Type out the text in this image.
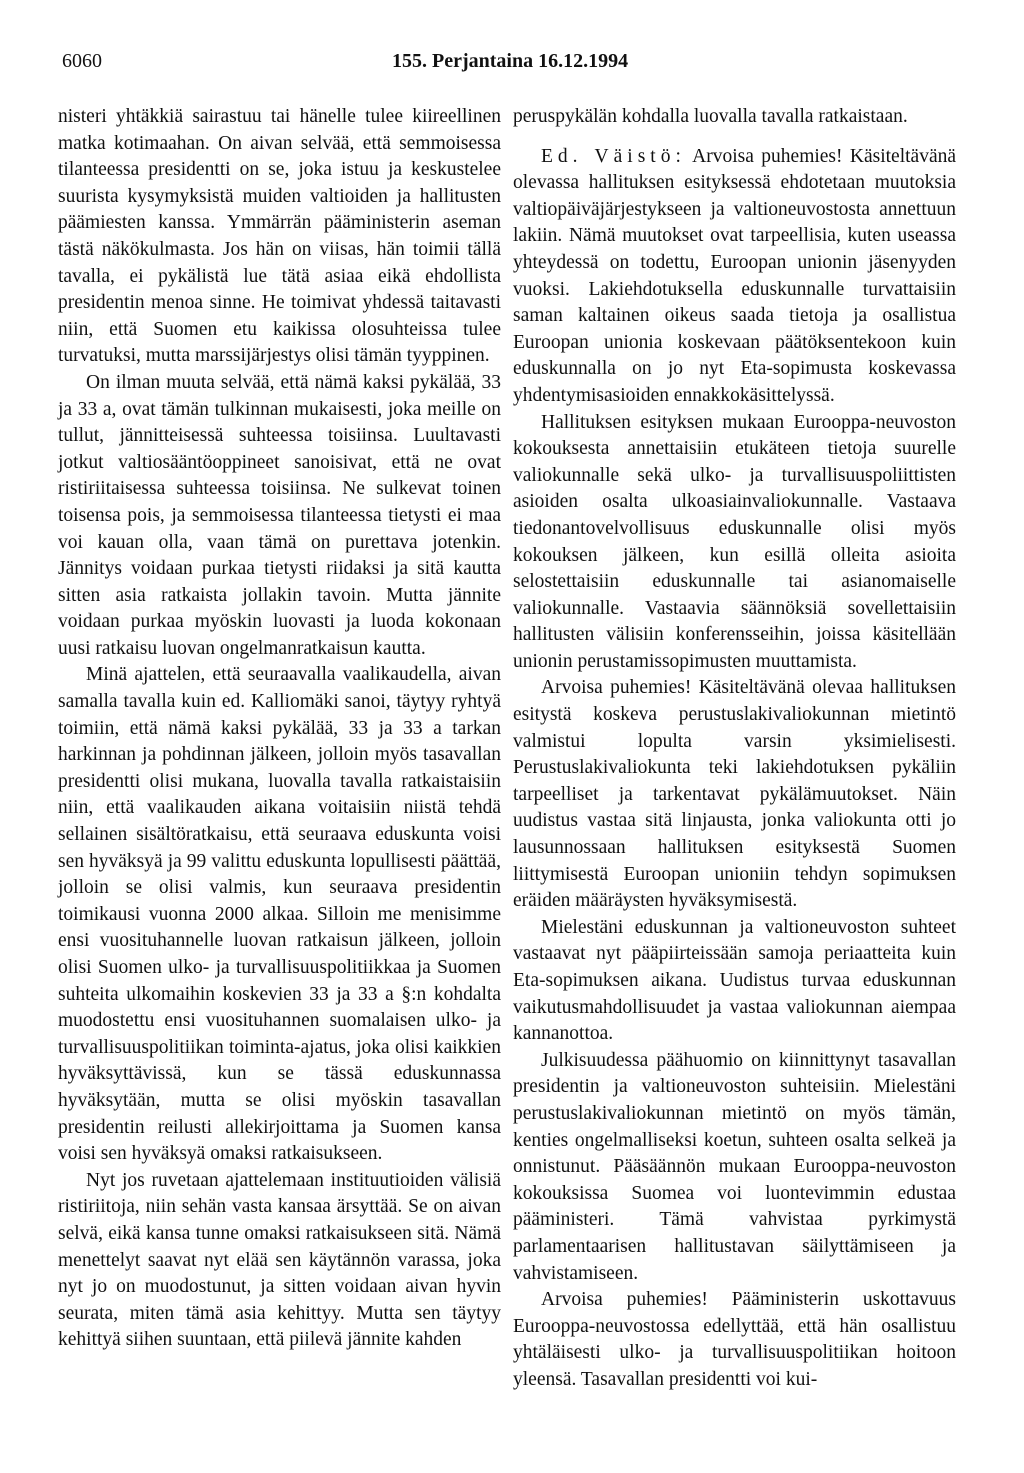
6060	155. Perjantaina 16.12.1994

nisteri yhtäkkiä sairastuu tai hänelle tulee kiireellinen matka kotimaahan. On aivan selvää, että semmoisessa tilanteessa presidentti on se, joka istuu ja keskustelee suurista kysymyksistä muiden valtioiden ja hallitusten päämiesten kanssa. Ymmärrän pääministerin aseman tästä näkökulmasta. Jos hän on viisas, hän toimii tällä tavalla, ei pykälistä lue tätä asiaa eikä ehdollista presidentin menoa sinne. He toimivat yhdessä taitavasti niin, että Suomen etu kaikissa olosuhteissa tulee turvatuksi, mutta marssijärjestys olisi tämän tyyppinen.

On ilman muuta selvää, että nämä kaksi pykälää, 33 ja 33 a, ovat tämän tulkinnan mukaisesti, joka meille on tullut, jännitteisessä suhteessa toisiinsa. Luultavasti jotkut valtiosääntöoppineet sanoisivat, että ne ovat ristiriitaisessa suhteessa toisiinsa. Ne sulkevat toinen toisensa pois, ja semmoisessa tilanteessa tietysti ei maa voi kauan olla, vaan tämä on purettava jotenkin. Jännitys voidaan purkaa tietysti riidaksi ja sitä kautta sitten asia ratkaista jollakin tavoin. Mutta jännite voidaan purkaa myöskin luovasti ja luoda kokonaan uusi ratkaisu luovan ongelmanratkaisun kautta.

Minä ajattelen, että seuraavalla vaalikaudella, aivan samalla tavalla kuin ed. Kalliomäki sanoi, täytyy ryhtyä toimiin, että nämä kaksi pykälää, 33 ja 33 a tarkan harkinnan ja pohdinnan jälkeen, jolloin myös tasavallan presidentti olisi mukana, luovalla tavalla ratkaistaisiin niin, että vaalikauden aikana voitaisiin niistä tehdä sellainen sisältöratkaisu, että seuraava eduskunta voisi sen hyväksyä ja 99 valittu eduskunta lopullisesti päättää, jolloin se olisi valmis, kun seuraava presidentin toimikausi vuonna 2000 alkaa. Silloin me menisimme ensi vuosituhannelle luovan ratkaisun jälkeen, jolloin olisi Suomen ulko- ja turvallisuuspolitiikkaa ja Suomen suhteita ulkomaihin koskevien 33 ja 33 a §:n kohdalta muodostettu ensi vuosituhannen suomalaisen ulko- ja turvallisuuspolitiikan toiminta-ajatus, joka olisi kaikkien hyväksyttävissä, kun se tässä eduskunnassa hyväksytään, mutta se olisi myöskin tasavallan presidentin reilusti allekirjoittama ja Suomen kansa voisi sen hyväksyä omaksi ratkaisukseen.

Nyt jos ruvetaan ajattelemaan instituutioiden välisiä ristiriitoja, niin sehän vasta kansaa ärsyttää. Se on aivan selvä, eikä kansa tunne omaksi ratkaisukseen sitä. Nämä menettelyt saavat nyt elää sen käytännön varassa, joka nyt jo on muodostunut, ja sitten voidaan aivan hyvin seurata, miten tämä asia kehittyy. Mutta sen täytyy kehittyä siihen suuntaan, että piilevä jännite kahden

peruspykälän kohdalla luovalla tavalla ratkaistaan.

Ed. Väistö: Arvoisa puhemies! Käsiteltävänä olevassa hallituksen esityksessä ehdotetaan muutoksia valtiopäiväjärjestykseen ja valtioneuvostosta annettuun lakiin. Nämä muutokset ovat tarpeellisia, kuten useassa yhteydessä on todettu, Euroopan unionin jäsenyyden vuoksi. Lakiehdotuksella eduskunnalle turvattaisiin saman kaltainen oikeus saada tietoja ja osallistua Euroopan unionia koskevaan päätöksentekoon kuin eduskunnalla on jo nyt Eta-sopimusta koskevassa yhdentymisasioiden ennakkokäsittelyssä.

Hallituksen esityksen mukaan Eurooppa-neuvoston kokouksesta annettaisiin etukäteen tietoja suurelle valiokunnalle sekä ulko- ja turvallisuuspoliittisten asioiden osalta ulkoasiainvaliokunnalle. Vastaava tiedonantovelvollisuus eduskunnalle olisi myös kokouksen jälkeen, kun esillä olleita asioita selostettaisiin eduskunnalle tai asianomaiselle valiokunnalle. Vastaavia säännöksiä sovellettaisiin hallitusten välisiin konferensseihin, joissa käsitellään unionin perustamissopimusten muuttamista.

Arvoisa puhemies! Käsiteltävänä olevaa hallituksen esitystä koskeva perustuslakivaliokunnan mietintö valmistui lopulta varsin yksimielisesti. Perustuslakivaliokunta teki lakiehdotuksen pykäliin tarpeelliset ja tarkentavat pykälämuutokset. Näin uudistus vastaa sitä linjausta, jonka valiokunta otti jo lausunnossaan hallituksen esityksestä Suomen liittymisestä Euroopan unioniin tehdyn sopimuksen eräiden määräysten hyväksymisestä.

Mielestäni eduskunnan ja valtioneuvoston suhteet vastaavat nyt pääpiirteissään samoja periaatteita kuin Eta-sopimuksen aikana. Uudistus turvaa eduskunnan vaikutusmahdollisuudet ja vastaa valiokunnan aiempaa kannanottoa.

Julkisuudessa päähuomio on kiinnittynyt tasavallan presidentin ja valtioneuvoston suhteisiin. Mielestäni perustuslakivaliokunnan mietintö on myös tämän, kenties ongelmalliseksi koetun, suhteen osalta selkeä ja onnistunut. Pääsäännön mukaan Eurooppa-neuvoston kokouksissa Suomea voi luontevimmin edustaa pääministeri. Tämä vahvistaa pyrkimystä parlamentaarisen hallitustavan säilyttämiseen ja vahvistamiseen.

Arvoisa puhemies! Pääministerin uskottavuus Eurooppa-neuvostossa edellyttää, että hän osallistuu yhtäläisesti ulko- ja turvallisuuspolitiikan hoitoon yleensä. Tasavallan presidentti voi kui-
